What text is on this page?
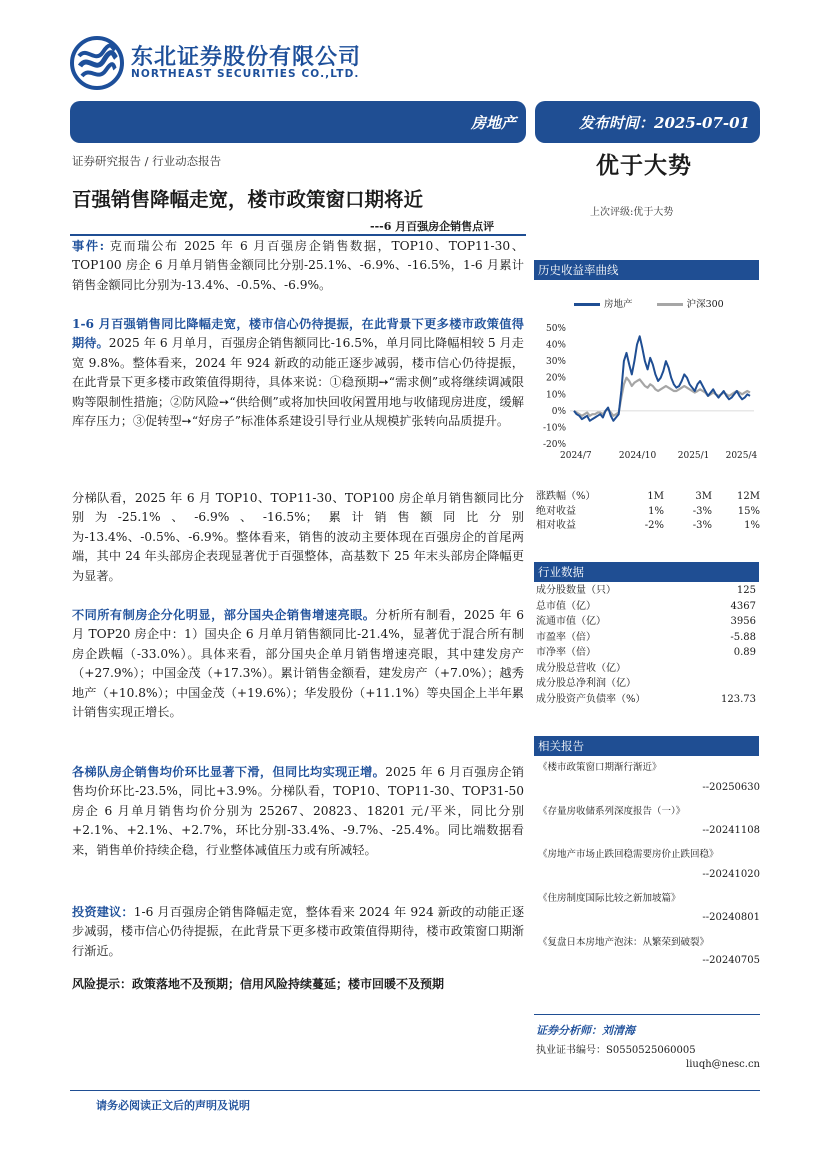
东北证券股份有限公司
NORTHEAST SECURITIES CO.,LTD.
房地产	发布时间：2025-07-01
证券研究报告 / 行业动态报告	优于大势
上次评级:优于大势
百强销售降幅走宽，楼市政策窗口期将近
---6 月百强房企销售点评

事件: 克而瑞公布 2025 年 6 月百强房企销售数据，TOP10、TOP11-30、TOP100 房企 6 月单月销售金额同比分别-25.1%、-6.9%、-16.5%，1-6 月累计销售金额同比分别为-13.4%、-0.5%、-6.9%。

1-6 月百强销售同比降幅走宽，楼市信心仍待提振，在此背景下更多楼市政策值得期待。2025 年 6 月单月，百强房企销售额同比-16.5%，单月同比降幅相较 5 月走宽 9.8%。整体看来，2024 年 924 新政的动能正逐步减弱，楼市信心仍待提振，在此背景下更多楼市政策值得期待，具体来说：①稳预期➙“需求侧”或将继续调减限购等限制性措施；②防风险➙“供给侧”或将加快回收闲置用地与收储现房进度，缓解库存压力；③促转型➙“好房子”标准体系建设引导行业从规模扩张转向品质提升。

分梯队看，2025 年 6 月 TOP10、TOP11-30、TOP100 房企单月销售额同比分别为-25.1%、-6.9%、-16.5%；累计销售额同比分别为-13.4%、-0.5%、-6.9%。整体看来，销售的波动主要体现在百强房企的首尾两端，其中 24 年头部房企表现显著优于百强整体，高基数下 25 年末头部房企降幅更为显著。

不同所有制房企分化明显，部分国央企销售增速亮眼。分析所有制看，2025 年 6 月 TOP20 房企中：1）国央企 6 月单月销售额同比-21.4%，显著优于混合所有制房企跌幅（-33.0%）。具体来看，部分国央企单月销售增速亮眼，其中建发房产（+27.9%）；中国金茂（+17.3%）。累计销售金额看，建发房产（+7.0%）；越秀地产（+10.8%）；中国金茂（+19.6%）；华发股份（+11.1%）等央国企上半年累计销售实现正增长。

各梯队房企销售均价环比显著下滑，但同比均实现正增。2025 年 6 月百强房企销售均价环比-23.5%，同比+3.9%。分梯队看，TOP10、TOP11-30、TOP31-50 房企 6 月单月销售均价分别为 25267、20823、18201 元/平米，同比分别+2.1%、+2.1%、+2.7%，环比分别-33.4%、-9.7%、-25.4%。同比端数据看来，销售单价持续企稳，行业整体减值压力或有所减轻。

投资建议：1-6 月百强房企销售降幅走宽，整体看来 2024 年 924 新政的动能正逐步减弱，楼市信心仍待提振，在此背景下更多楼市政策值得期待，楼市政策窗口期渐行渐近。

风险提示：政策落地不及预期；信用风险持续蔓延；楼市回暖不及预期
历史收益率曲线
房地产	沪深300
50%
40%
30%
20%
10%
0%
-10%
-20%
2024/7	2024/10 2025/1 2025/4
涨跌幅（%）	1M	3M	12M
绝对收益	1%	-3%	15%
相对收益	-2%	-3%	1%
行业数据
成分股数量（只）	125
总市值（亿）	4367
流通市值（亿）	3956
市盈率（倍）	-5.88
市净率（倍）	0.89
成分股总营收（亿）
成分股总净利润（亿）
成分股资产负债率（%）	123.73
相关报告
《楼市政策窗口期渐行渐近》
--20250630
《存量房收储系列深度报告（一）》
--20241108
《房地产市场止跌回稳需要房价止跌回稳》
--20241020
《住房制度国际比较之新加坡篇》
--20240801
《复盘日本房地产泡沫：从繁荣到破裂》
--20240705
证券分析师：刘清海
执业证书编号：S0550525060005
liuqh@nesc.cn
请务必阅读正文后的声明及说明
